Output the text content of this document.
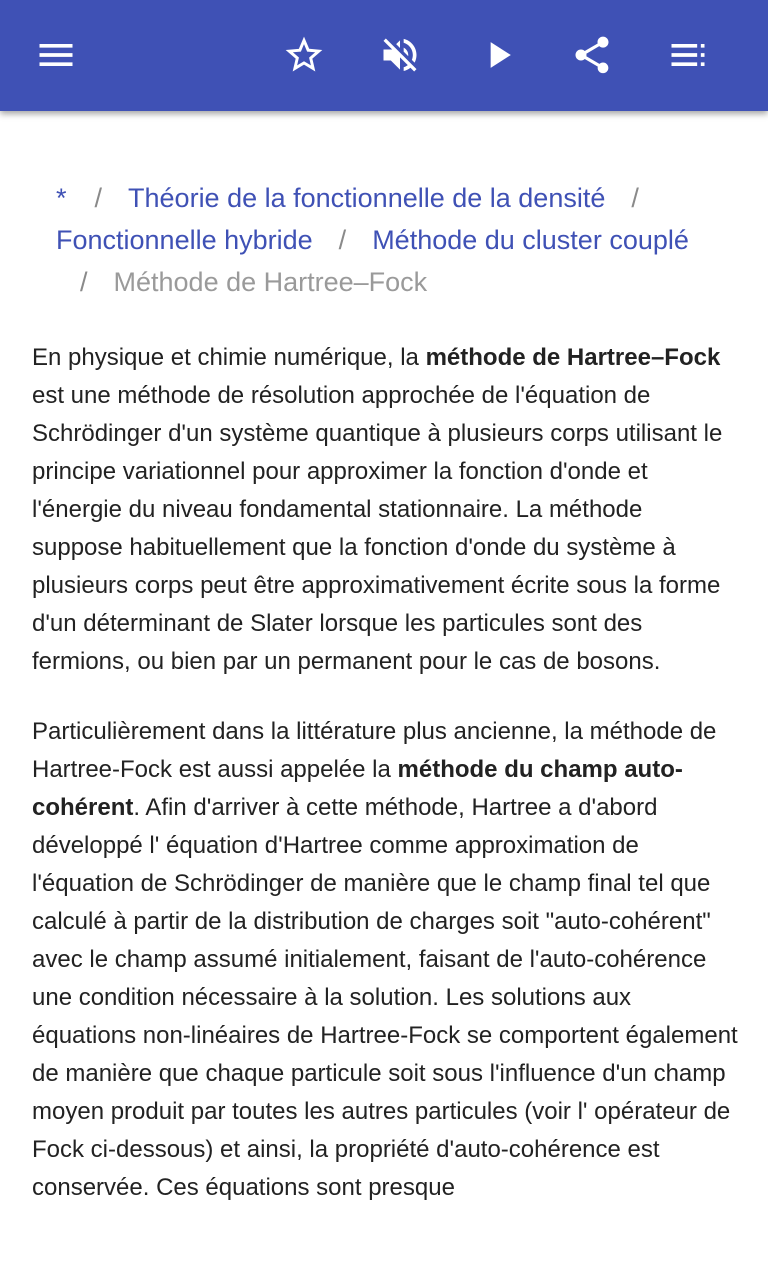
* / Théorie de la fonctionnelle de la densité /
Fonctionnelle hybride / Méthode du cluster couplé
/ Méthode de Hartree–Fock

En physique et chimie numérique, la méthode de Hartree–Fock est une méthode de résolution approchée de l'équation de Schrödinger d'un système quantique à plusieurs corps utilisant le principe variationnel pour approximer la fonction d'onde et l'énergie du niveau fondamental stationnaire. La méthode suppose habituellement que la fonction d'onde du système à plusieurs corps peut être approximativement écrite sous la forme d'un déterminant de Slater lorsque les particules sont des fermions, ou bien par un permanent pour le cas de bosons.

Particulièrement dans la littérature plus ancienne, la méthode de Hartree-Fock est aussi appelée la méthode du champ auto-cohérent. Afin d'arriver à cette méthode, Hartree a d'abord développé l' équation d'Hartree comme approximation de l'équation de Schrödinger de manière que le champ final tel que calculé à partir de la distribution de charges soit "auto-cohérent" avec le champ assumé initialement, faisant de l'auto-cohérence une condition nécessaire à la solution. Les solutions aux équations non-linéaires de Hartree-Fock se comportent également de manière que chaque particule soit sous l'influence d'un champ moyen produit par toutes les autres particules (voir l' opérateur de Fock ci-dessous) et ainsi, la propriété d'auto-cohérence est conservée. Ces équations sont presque
